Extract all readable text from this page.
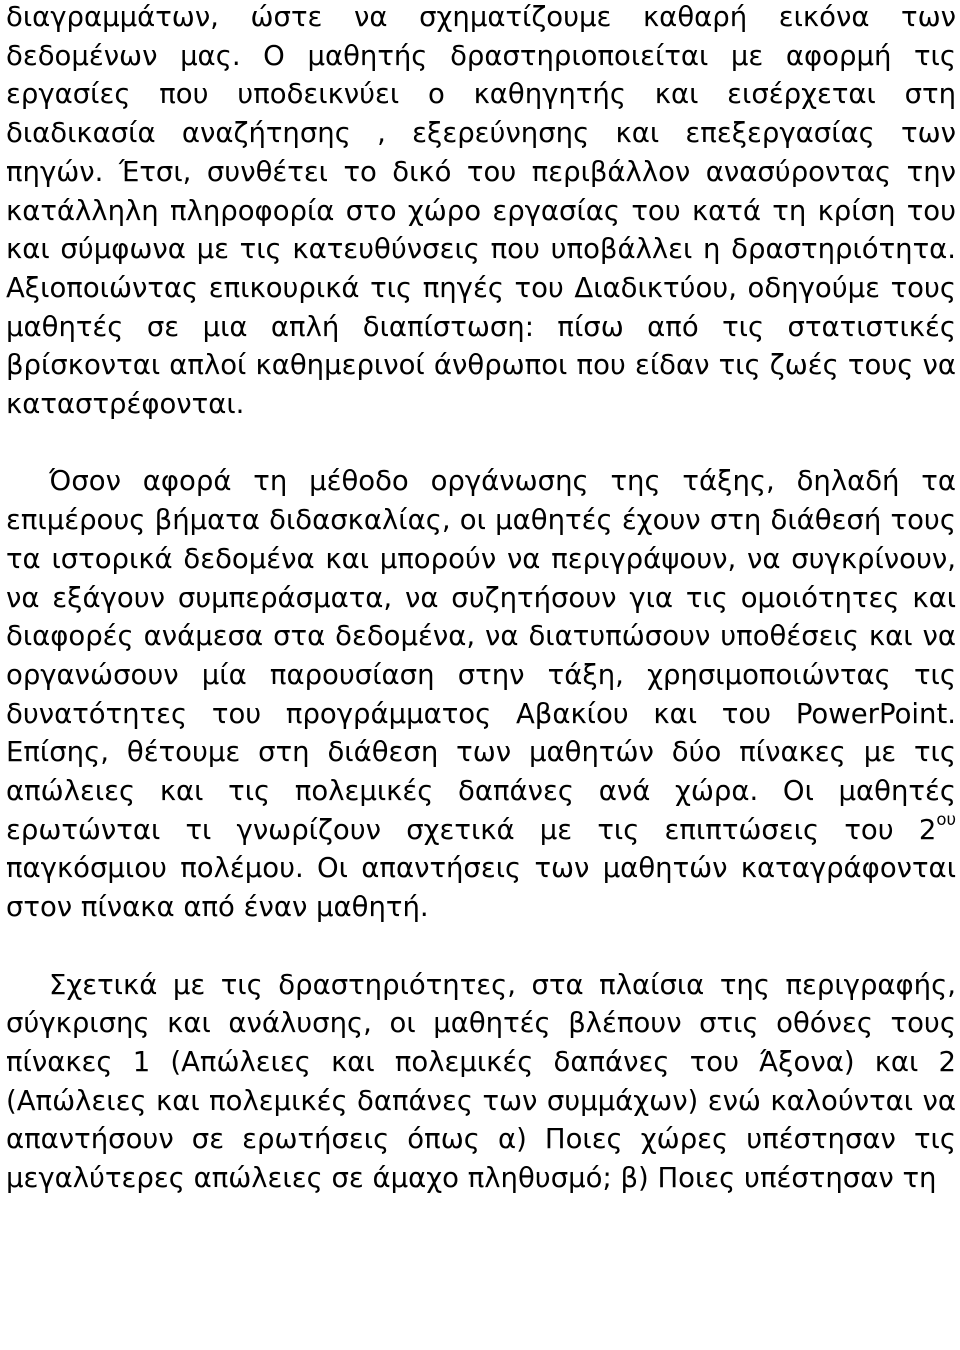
διαγραμμάτων, ώστε να σχηματίζουμε καθαρή εικόνα των δεδομένων μας. Ο μαθητής δραστηριοποιείται με αφορμή τις εργασίες που υποδεικνύει ο καθηγητής και εισέρχεται στη διαδικασία αναζήτησης , εξερεύνησης και επεξεργασίας των πηγών. Έτσι, συνθέτει το δικό του περιβάλλον ανασύροντας την κατάλληλη πληροφορία στο χώρο εργασίας του κατά τη κρίση του και σύμφωνα με τις κατευθύνσεις που υποβάλλει η δραστηριότητα. Αξιοποιώντας επικουρικά τις πηγές του Διαδικτύου, οδηγούμε τους μαθητές σε μια απλή διαπίστωση: πίσω από τις στατιστικές βρίσκονται απλοί καθημερινοί άνθρωποι που είδαν τις ζωές τους να καταστρέφονται.

Όσον αφορά τη μέθοδο οργάνωσης της τάξης, δηλαδή τα επιμέρους βήματα διδασκαλίας, οι μαθητές έχουν στη διάθεσή τους τα ιστορικά δεδομένα και μπορούν να περιγράψουν, να συγκρίνουν, να εξάγουν συμπεράσματα, να συζητήσουν για τις ομοιότητες και διαφορές ανάμεσα στα δεδομένα, να διατυπώσουν υποθέσεις και να οργανώσουν μία παρουσίαση στην τάξη, χρησιμοποιώντας τις δυνατότητες του προγράμματος Αβακίου και του PowerPoint. Επίσης, θέτουμε στη διάθεση των μαθητών δύο πίνακες με τις απώλειες και τις πολεμικές δαπάνες ανά χώρα. Οι μαθητές ερωτώνται τι γνωρίζουν σχετικά με τις επιπτώσεις του $2^{o\upsilon}$ παγκόσμιου πολέμου. Οι απαντήσεις των μαθητών καταγράφονται στον πίνακα από έναν μαθητή.

Σχετικά με τις δραστηριότητες, στα πλαίσια της περιγραφής, σύγκρισης και ανάλυσης, οι μαθητές βλέπουν στις οθόνες τους πίνακες 1 (Απώλειες και πολεμικές δαπάνες του Άξονα) και 2 (Απώλειες και πολεμικές δαπάνες των συμμάχων) ενώ καλούνται να απαντήσουν σε ερωτήσεις όπως α) Ποιες χώρες υπέστησαν τις μεγαλύτερες απώλειες σε άμαχο πληθυσμό; β) Ποιες υπέστησαν τη
